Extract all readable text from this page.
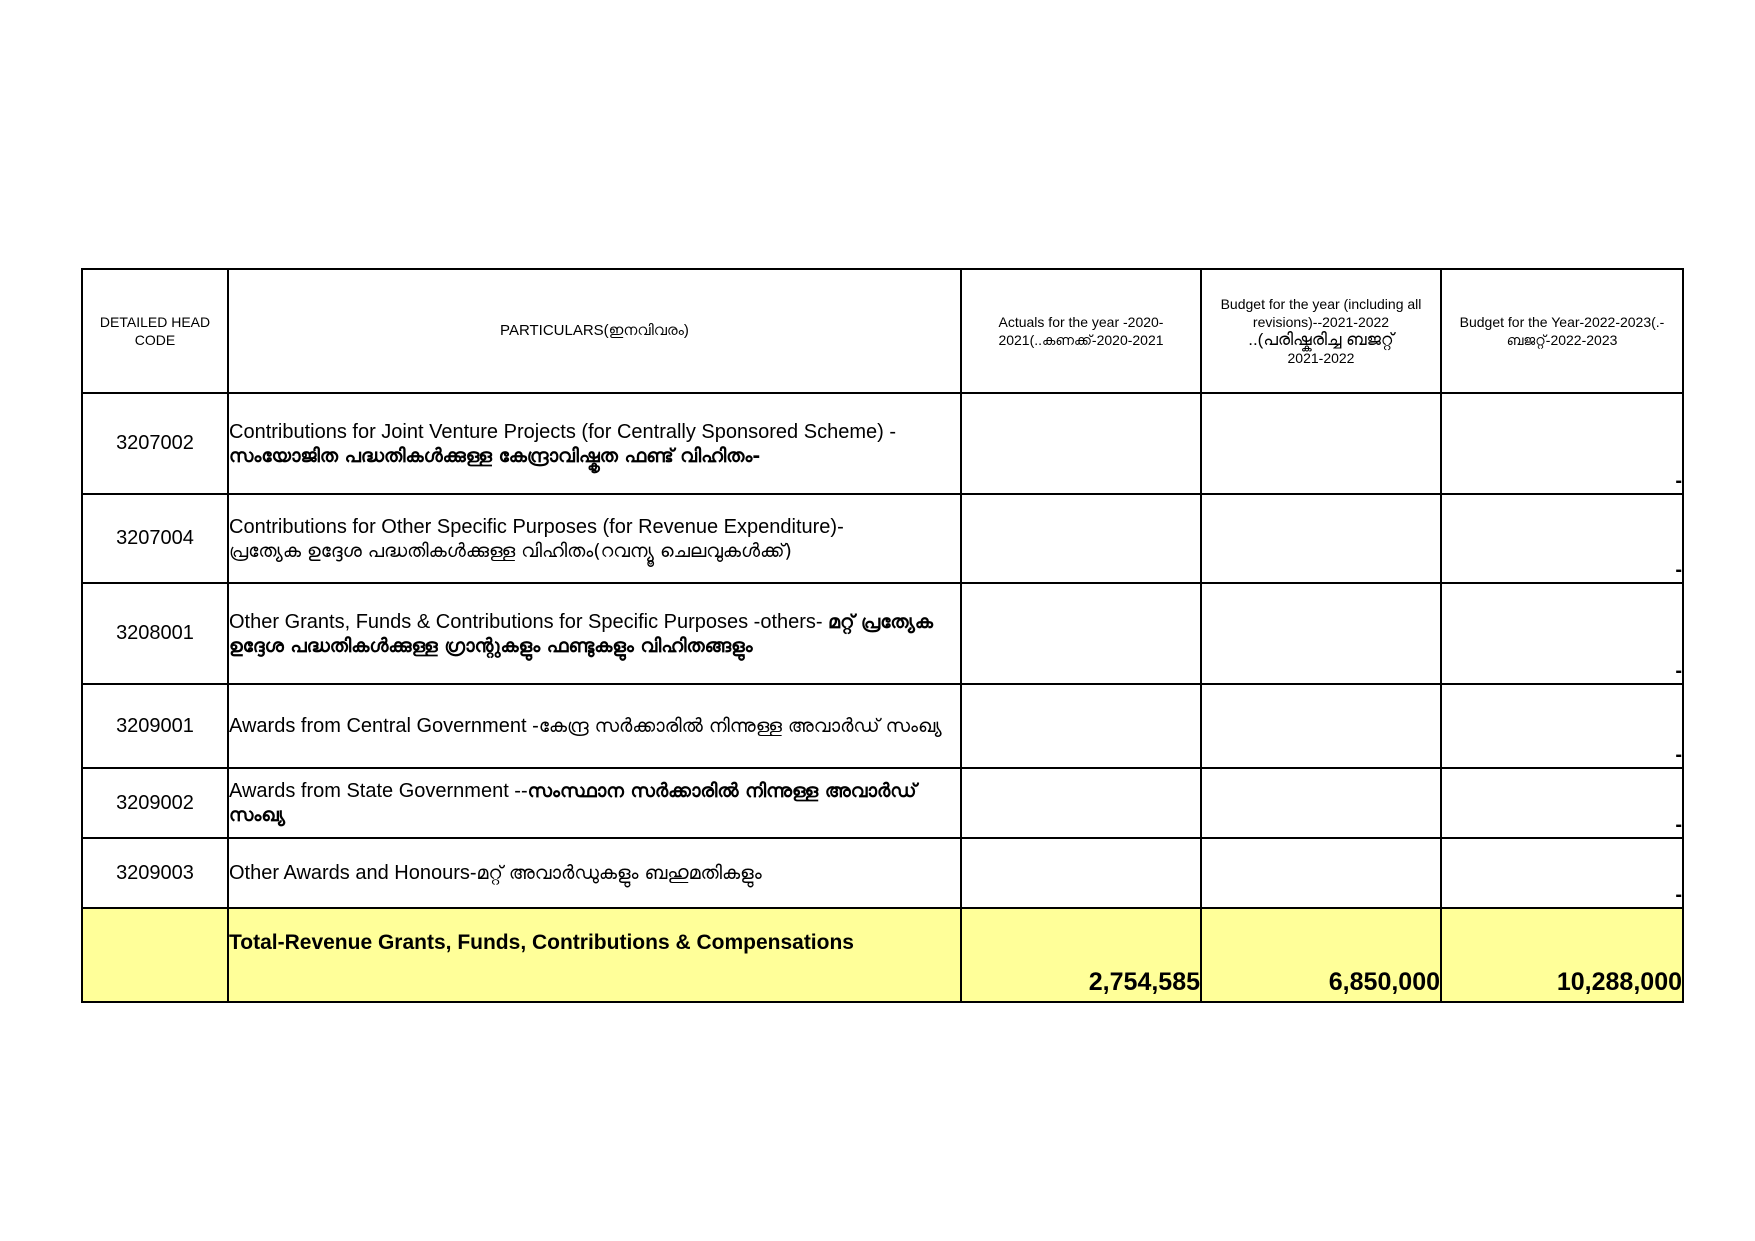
DETAILED HEAD CODE	PARTICULARS(ഇനവിവരം)	Actuals for the year -2020-2021(..കണക്ക്-2020-2021	Budget for the year (including all revisions)--2021-2022
..(പരിഷ്കരിച്ച ബജറ്റ്
2021-2022	Budget for the Year-2022-2023(.-ബജറ്റ്-2022-2023
3207002	Contributions for Joint Venture Projects (for Centrally Sponsored Scheme) -
സംയോജിത പദ്ധതികൾക്കുള്ള കേന്ദ്രാവിഷ്കൃത ഫണ്ട് വിഹിതം-			-
3207004	Contributions for Other Specific Purposes (for Revenue Expenditure)-
പ്രത്യേക ഉദ്ദേശ പദ്ധതികൾക്കുള്ള വിഹിതം(റവന്യൂ ചെലവുകൾക്ക്)			-
3208001	Other Grants, Funds & Contributions for Specific Purposes -others- മറ്റ് പ്രത്യേക ഉദ്ദേശ പദ്ധതികൾക്കുള്ള ഗ്രാന്റുകളും ഫണ്ടുകളും വിഹിതങ്ങളും			-
3209001	Awards from Central Government -കേന്ദ്ര സർക്കാരിൽ നിന്നുള്ള അവാർഡ് സംഖ്യ			-
3209002	Awards from State Government --സംസ്ഥാന സർക്കാരിൽ നിന്നുള്ള അവാർഡ് സംഖ്യ			-
3209003	Other Awards and Honours-മറ്റ് അവാർഡുകളും ബഹുമതികളും			-
	Total-Revenue Grants, Funds, Contributions & Compensations	2,754,585	6,850,000	10,288,000
